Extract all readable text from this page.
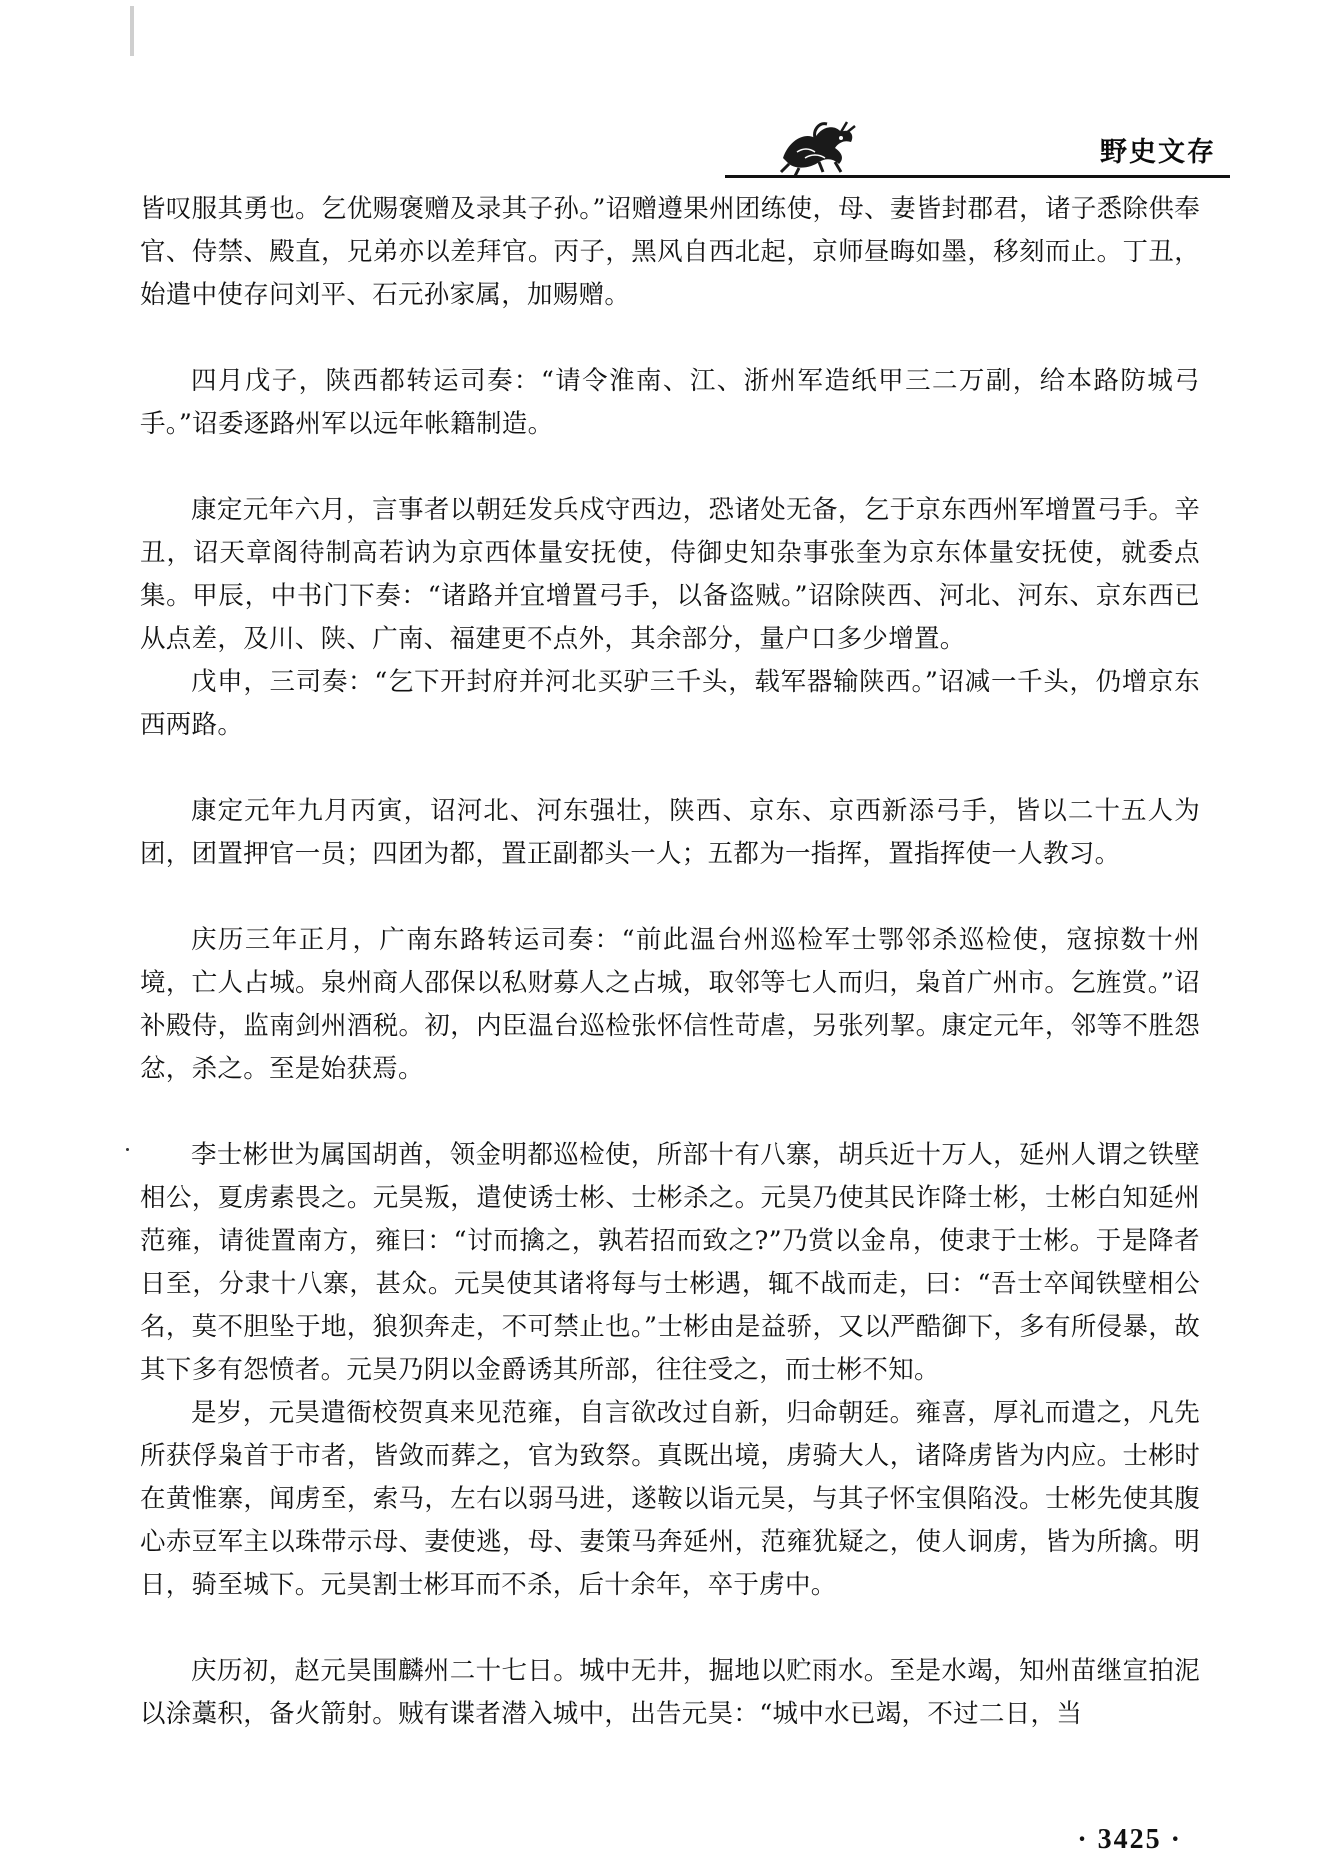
野史文存

皆叹服其勇也。乞优赐褒赠及录其子孙。”诏赠遵果州团练使，母、妻皆封郡君，诸子悉除供奉官、侍禁、殿直，兄弟亦以差拜官。丙子，黑风自西北起，京师昼晦如墨，移刻而止。丁丑，始遣中使存问刘平、石元孙家属，加赐赠。

四月戊子，陕西都转运司奏：“请令淮南、江、浙州军造纸甲三二万副，给本路防城弓手。”诏委逐路州军以远年帐籍制造。

康定元年六月，言事者以朝廷发兵戍守西边，恐诸处无备，乞于京东西州军增置弓手。辛丑，诏天章阁待制高若讷为京西体量安抚使，侍御史知杂事张奎为京东体量安抚使，就委点集。甲辰，中书门下奏：“诸路并宜增置弓手，以备盗贼。”诏除陕西、河北、河东、京东西已从点差，及川、陕、广南、福建更不点外，其余部分，量户口多少增置。

戊申，三司奏：“乞下开封府并河北买驴三千头，载军器输陕西。”诏减一千头，仍增京东西两路。

康定元年九月丙寅，诏河北、河东强壮，陕西、京东、京西新添弓手，皆以二十五人为团，团置押官一员；四团为都，置正副都头一人；五都为一指挥，置指挥使一人教习。

庆历三年正月，广南东路转运司奏：“前此温台州巡检军士鄂邻杀巡检使，寇掠数十州境，亡人占城。泉州商人邵保以私财募人之占城，取邻等七人而归，枭首广州市。乞旌赏。”诏补殿侍，监南剑州酒税。初，内臣温台巡检张怀信性苛虐，另张列挈。康定元年，邻等不胜怨忿，杀之。至是始获焉。

李士彬世为属国胡酋，领金明都巡检使，所部十有八寨，胡兵近十万人，延州人谓之铁壁相公，夏虏素畏之。元昊叛，遣使诱士彬、士彬杀之。元昊乃使其民诈降士彬，士彬白知延州范雍，请徙置南方，雍曰：“讨而擒之，孰若招而致之?”乃赏以金帛，使隶于士彬。于是降者日至，分隶十八寨，甚众。元昊使其诸将每与士彬遇，辄不战而走，曰：“吾士卒闻铁壁相公名，莫不胆坠于地，狼狈奔走，不可禁止也。”士彬由是益骄，又以严酷御下，多有所侵暴，故其下多有怨愤者。元昊乃阴以金爵诱其所部，往往受之，而士彬不知。

是岁，元昊遣衙校贺真来见范雍，自言欲改过自新，归命朝廷。雍喜，厚礼而遣之，凡先所获俘枭首于市者，皆敛而葬之，官为致祭。真既出境，虏骑大人，诸降虏皆为内应。士彬时在黄惟寨，闻虏至，索马，左右以弱马进，遂鞍以诣元昊，与其子怀宝俱陷没。士彬先使其腹心赤豆军主以珠带示母、妻使逃，母、妻策马奔延州，范雍犹疑之，使人诇虏，皆为所擒。明日，骑至城下。元昊割士彬耳而不杀，后十余年，卒于虏中。

庆历初，赵元昊围麟州二十七日。城中无井，掘地以贮雨水。至是水竭，知州苗继宣拍泥以涂藁积，备火箭射。贼有谍者潜入城中，出告元昊：“城中水已竭，不过二日，当

· 3425 ·
